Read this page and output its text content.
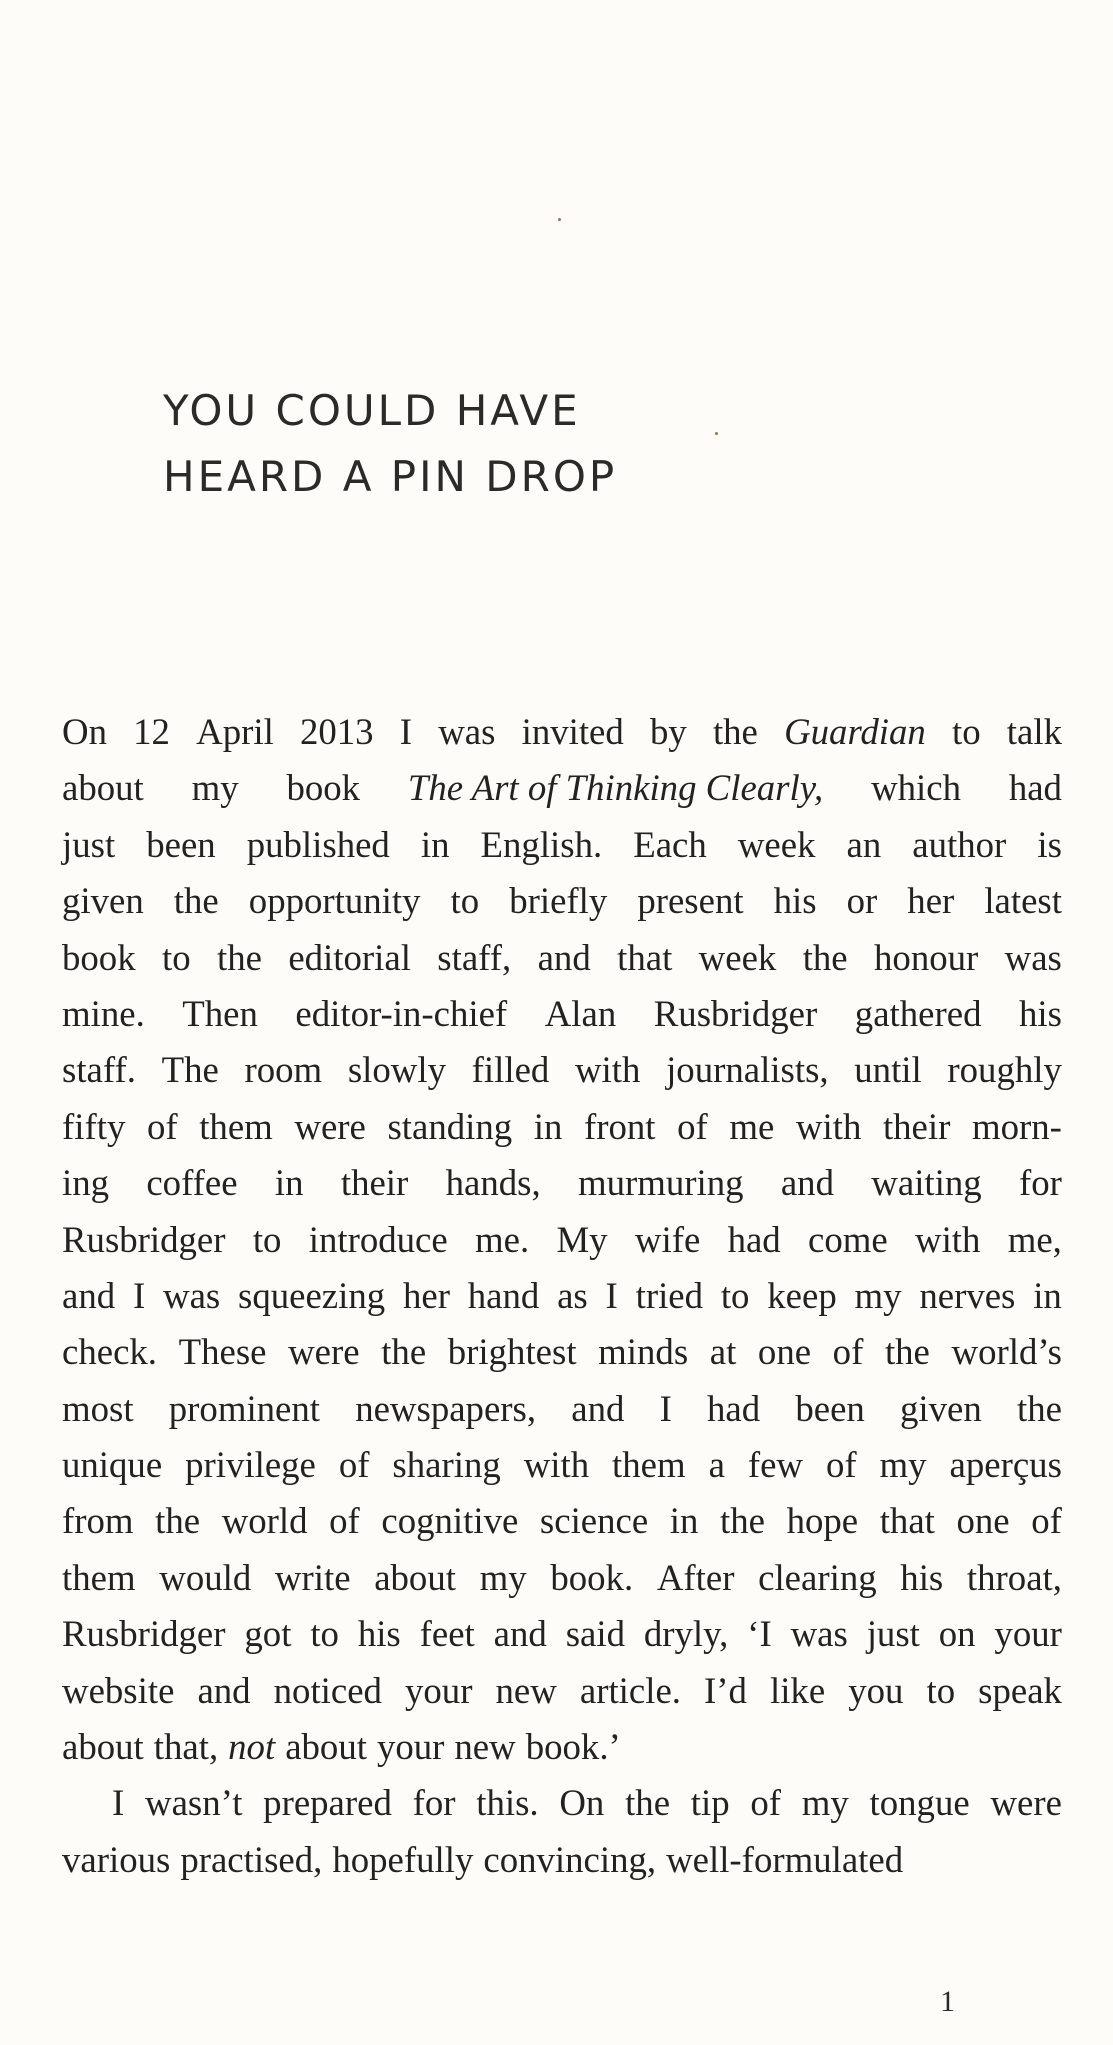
YOU COULD HAVE
HEARD A PIN DROP
On 12 April 2013 I was invited by the Guardian to talk
about my book The Art of Thinking Clearly, which had
just been published in English. Each week an author is
given the opportunity to briefly present his or her latest
book to the editorial staff, and that week the honour was
mine. Then editor-in-chief Alan Rusbridger gathered his
staff. The room slowly filled with journalists, until roughly
fifty of them were standing in front of me with their morn-
ing coffee in their hands, murmuring and waiting for
Rusbridger to introduce me. My wife had come with me,
and I was squeezing her hand as I tried to keep my nerves in
check. These were the brightest minds at one of the world’s
most prominent newspapers, and I had been given the
unique privilege of sharing with them a few of my aperçus
from the world of cognitive science in the hope that one of
them would write about my book. After clearing his throat,
Rusbridger got to his feet and said dryly, ‘I was just on your
website and noticed your new article. I’d like you to speak
about that, not about your new book.’
I wasn’t prepared for this. On the tip of my tongue were
various practised, hopefully convincing, well-formulated
1
